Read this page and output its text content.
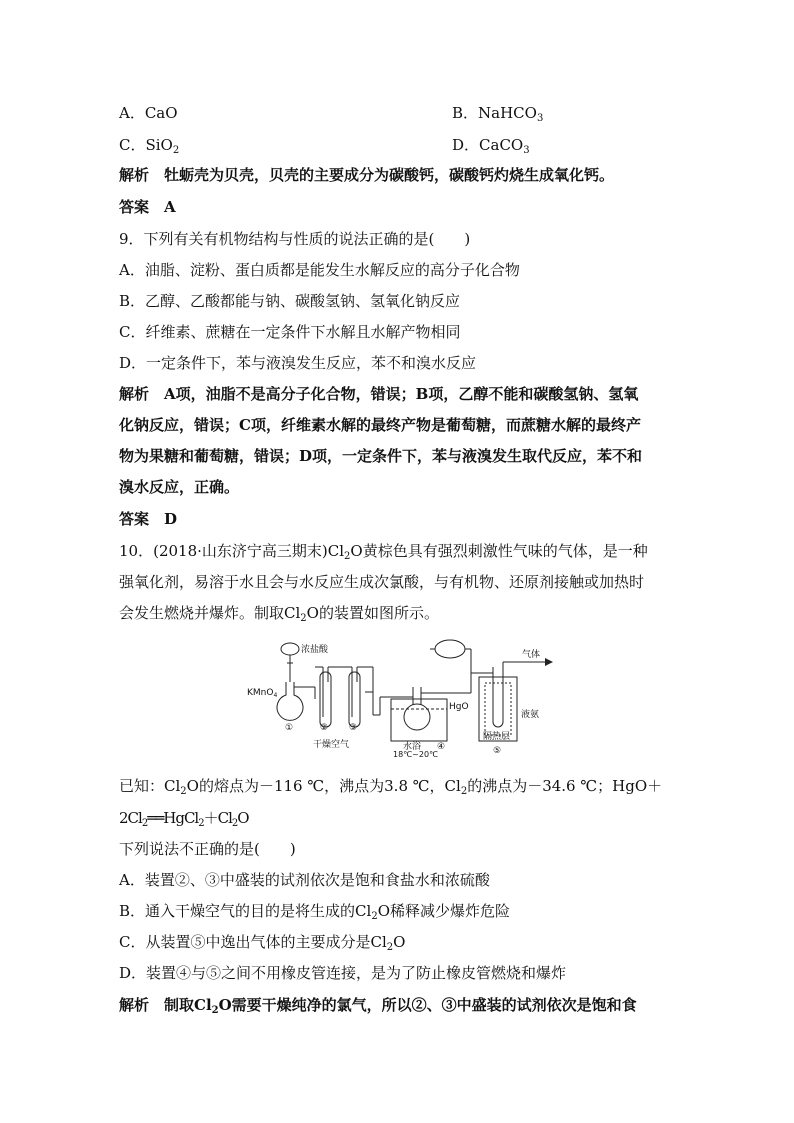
A．CaO	B．NaHCO$_3$
C．SiO$_2$	D．CaCO$_3$
解析　牡蛎壳为贝壳，贝壳的主要成分为碳酸钙，碳酸钙灼烧生成氧化钙。
答案　A
9．下列有关有机物结构与性质的说法正确的是(　　)
A．油脂、淀粉、蛋白质都是能发生水解反应的高分子化合物
B．乙醇、乙酸都能与钠、碳酸氢钠、氢氧化钠反应
C．纤维素、蔗糖在一定条件下水解且水解产物相同
D．一定条件下，苯与液溴发生反应，苯不和溴水反应
解析　A项，油脂不是高分子化合物，错误；B项，乙醇不能和碳酸氢钠、氢氧
化钠反应，错误；C项，纤维素水解的最终产物是葡萄糖，而蔗糖水解的最终产
物为果糖和葡萄糖，错误；D项，一定条件下，苯与液溴发生取代反应，苯不和
溴水反应，正确。
答案　D
10．(2018·山东济宁高三期末)$Cl_2O$黄棕色具有强烈刺激性气味的气体，是一种
强氧化剂，易溶于水且会与水反应生成次氯酸，与有机物、还原剂接触或加热时
会发生燃烧并爆炸。制取$Cl_2O$的装置如图所示。
浓盐酸
KMnO$_4$
①	② ③
干燥空气
HgO
水浴 ④
18℃~20℃
气体
隔热层
液氨
⑤
已知：$Cl_2O$的熔点为－116 ℃，沸点为3.8 ℃，$Cl_2$的沸点为－34.6 ℃；HgO＋
$2Cl_2══HgCl_2+Cl_2O$
下列说法不正确的是(　　)
A．装置②、③中盛装的试剂依次是饱和食盐水和浓硫酸
B．通入干燥空气的目的是将生成的$Cl_2O$稀释减少爆炸危险
C．从装置⑤中逸出气体的主要成分是$Cl_2O$
D．装置④与⑤之间不用橡皮管连接，是为了防止橡皮管燃烧和爆炸
解析　制取$Cl_2O$需要干燥纯净的氯气，所以②、③中盛装的试剂依次是饱和食
